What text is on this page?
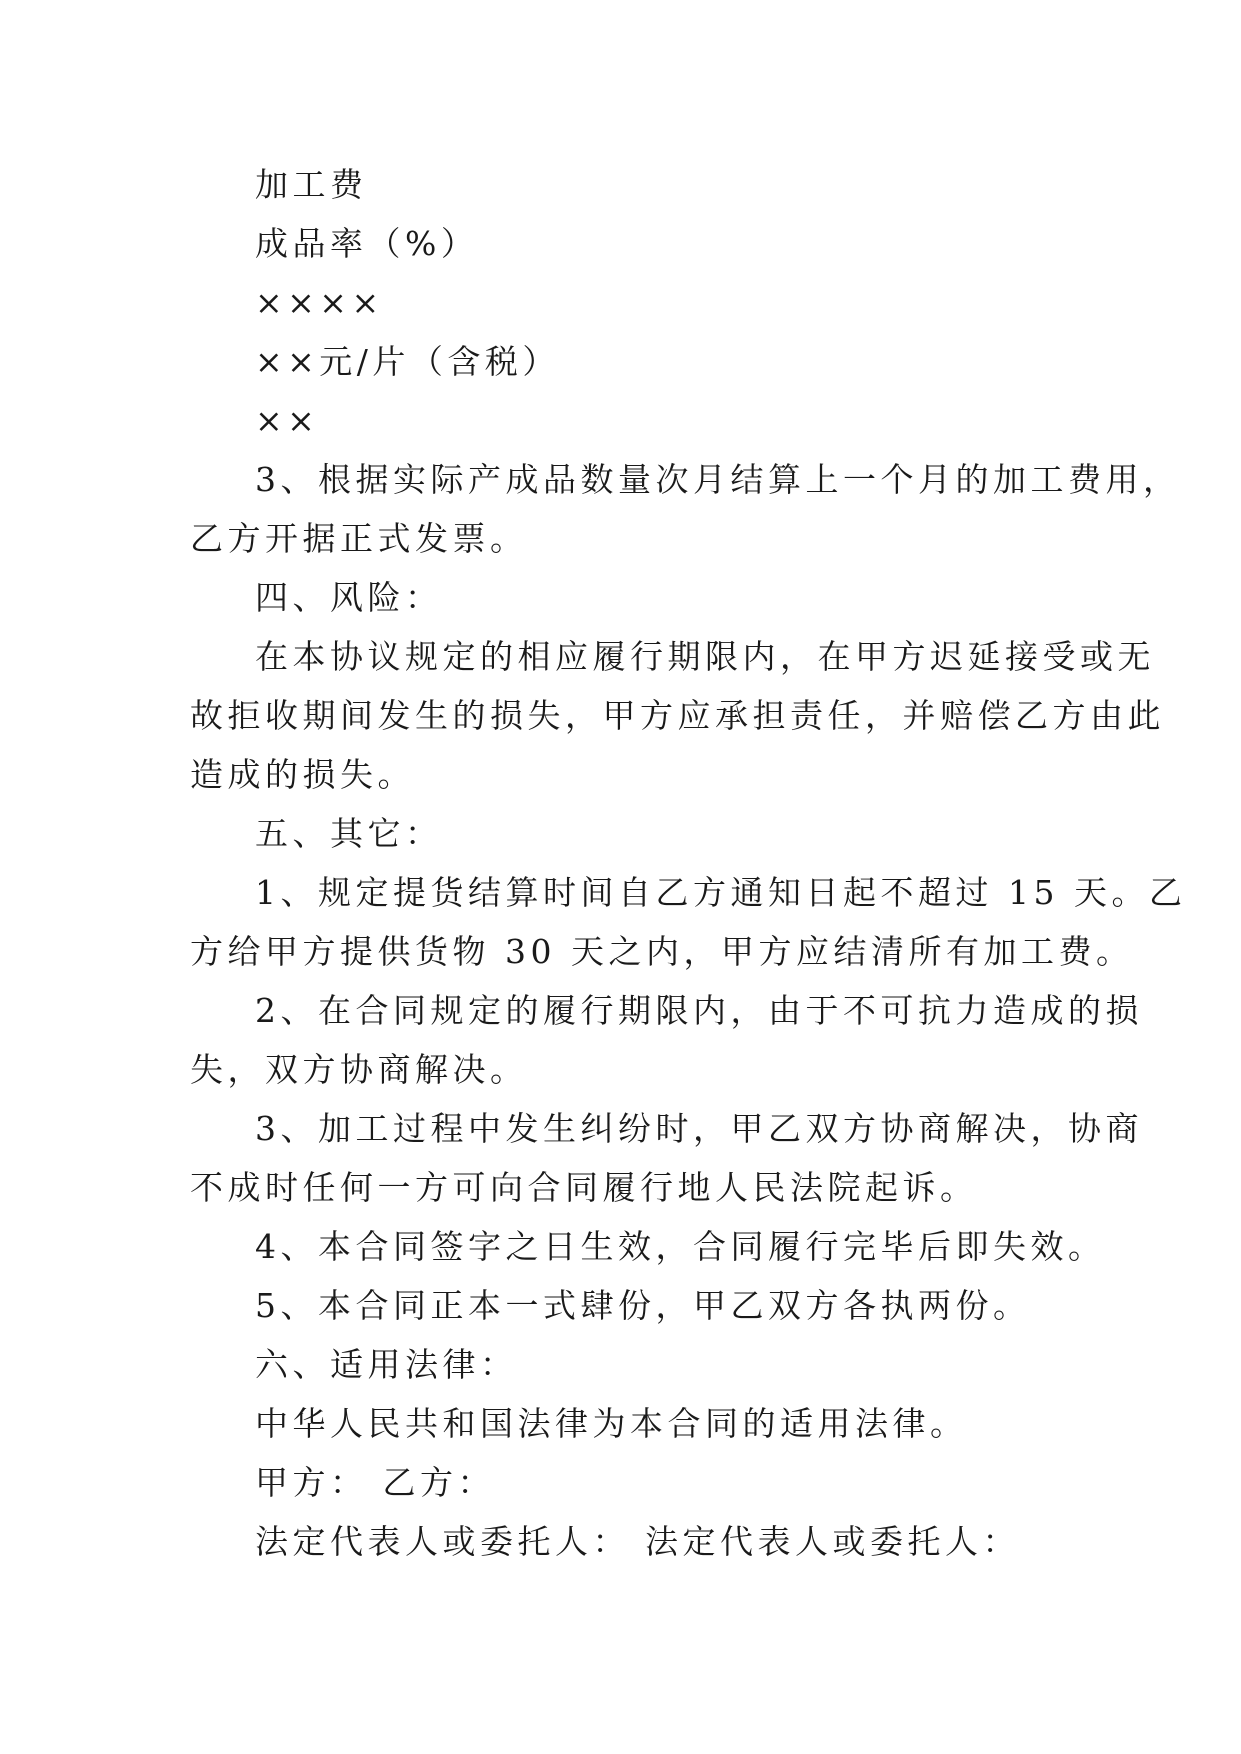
加工费
成品率（%）
××××
××元/片（含税）
××
3、根据实际产成品数量次月结算上一个月的加工费用，
乙方开据正式发票。
四、风险：
在本协议规定的相应履行期限内，在甲方迟延接受或无
故拒收期间发生的损失，甲方应承担责任，并赔偿乙方由此
造成的损失。
五、其它：
1、规定提货结算时间自乙方通知日起不超过 15 天。乙
方给甲方提供货物 30 天之内，甲方应结清所有加工费。
2、在合同规定的履行期限内，由于不可抗力造成的损
失，双方协商解决。
3、加工过程中发生纠纷时，甲乙双方协商解决，协商
不成时任何一方可向合同履行地人民法院起诉。
4、本合同签字之日生效，合同履行完毕后即失效。
5、本合同正本一式肆份，甲乙双方各执两份。
六、适用法律：
中华人民共和国法律为本合同的适用法律。
甲方： 乙方：
法定代表人或委托人： 法定代表人或委托人：
